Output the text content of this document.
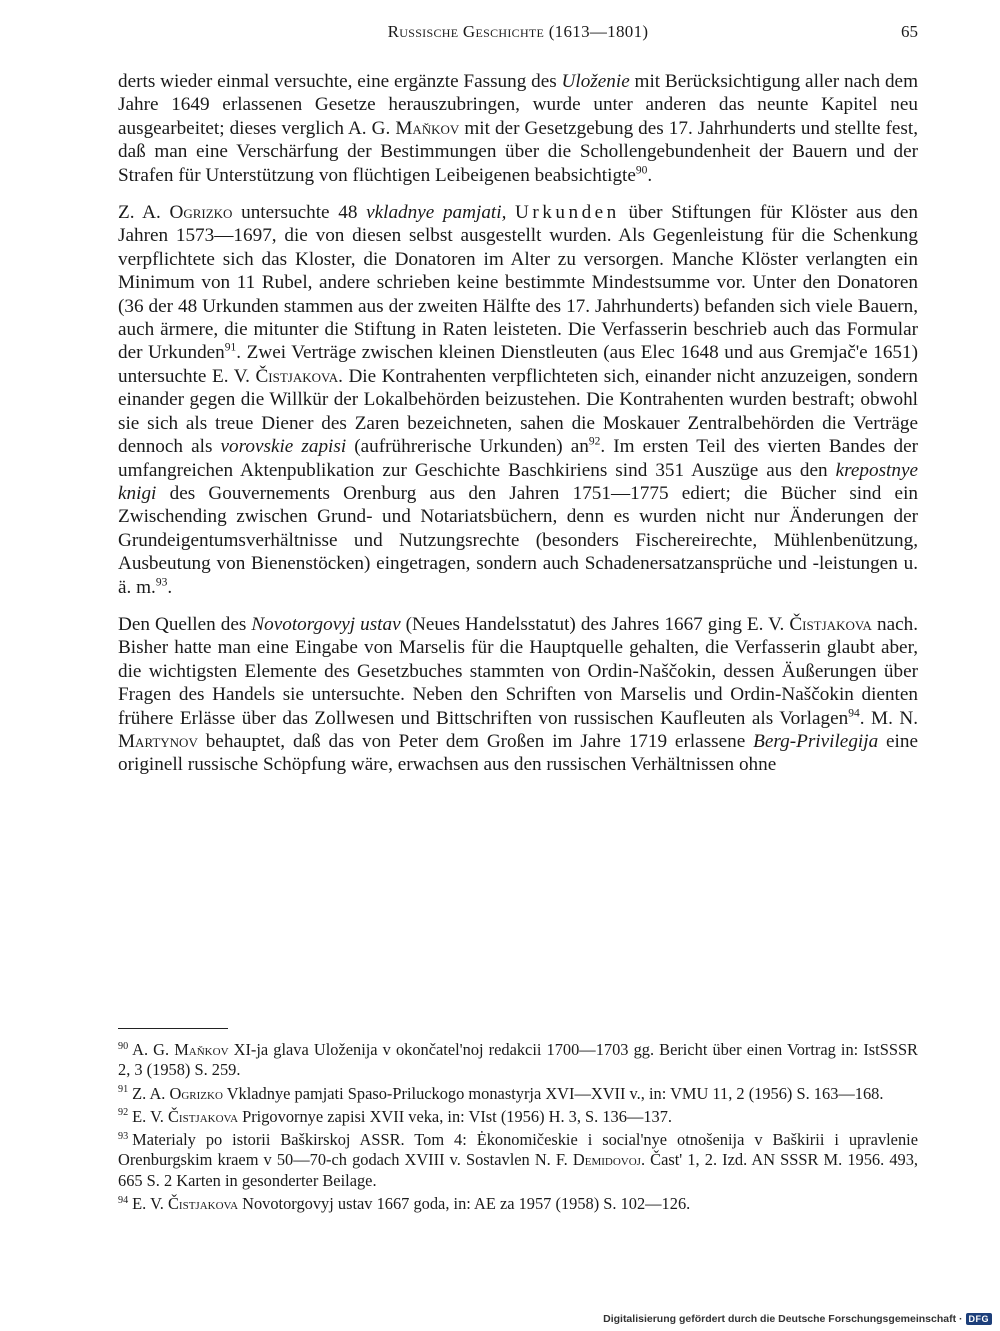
Russische Geschichte (1613—1801)	65

derts wieder einmal versuchte, eine ergänzte Fassung des Uloženie mit Berücksichtigung aller nach dem Jahre 1649 erlassenen Gesetze herauszubringen, wurde unter anderen das neunte Kapitel neu ausgearbeitet; dieses verglich A. G. Maňkov mit der Gesetzgebung des 17. Jahrhunderts und stellte fest, daß man eine Verschärfung der Bestimmungen über die Schollengebundenheit der Bauern und der Strafen für Unterstützung von flüchtigen Leibeigenen beabsichtigte$^{90}$.

Z. A. Ogrizko untersuchte 48 vkladnye pamjati, Urkunden über Stiftungen für Klöster aus den Jahren 1573—1697, die von diesen selbst ausgestellt wurden. Als Gegenleistung für die Schenkung verpflichtete sich das Kloster, die Donatoren im Alter zu versorgen. Manche Klöster verlangten ein Minimum von 11 Rubel, andere schrieben keine bestimmte Mindestsumme vor. Unter den Donatoren (36 der 48 Urkunden stammen aus der zweiten Hälfte des 17. Jahrhunderts) befanden sich viele Bauern, auch ärmere, die mitunter die Stiftung in Raten leisteten. Die Verfasserin beschrieb auch das Formular der Urkunden$^{91}$. Zwei Verträge zwischen kleinen Dienstleuten (aus Elec 1648 und aus Gremjač'e 1651) untersuchte E. V. Čistjakova. Die Kontrahenten verpflichteten sich, einander nicht anzuzeigen, sondern einander gegen die Willkür der Lokalbehörden beizustehen. Die Kontrahenten wurden bestraft; obwohl sie sich als treue Diener des Zaren bezeichneten, sahen die Moskauer Zentralbehörden die Verträge dennoch als vorovskie zapisi (aufrührerische Urkunden) $an^{92}$. Im ersten Teil des vierten Bandes der umfangreichen Aktenpublikation zur Geschichte Baschkiriens sind 351 Auszüge aus den krepostnye knigi des Gouvernements Orenburg aus den Jahren 1751—1775 ediert; die Bücher sind ein Zwischending zwischen Grund- und Notariatsbüchern, denn es wurden nicht nur Änderungen der Grundeigentumsverhältnisse und Nutzungsrechte (besonders Fischereirechte, Mühlenbenützung, Ausbeutung von Bienenstöcken) eingetragen, sondern auch Schadenersatzansprüche und -leistungen u. ä. m.$^{93}$.

Den Quellen des Novotorgovyj ustav (Neues Handelsstatut) des Jahres 1667 ging E. V. Čistjakova nach. Bisher hatte man eine Eingabe von Marselis für die Hauptquelle gehalten, die Verfasserin glaubt aber, die wichtigsten Elemente des Gesetzbuches stammten von Ordin-Naščokin, dessen Äußerungen über Fragen des Handels sie untersuchte. Neben den Schriften von Marselis und Ordin-Naščokin dienten frühere Erlässe über das Zollwesen und Bittschriften von russischen Kaufleuten als Vorlagen$^{94}$. M. N. Martynov behauptet, daß das von Peter dem Großen im Jahre 1719 erlassene Berg-Privilegija eine originell russische Schöpfung wäre, erwachsen aus den russischen Verhältnissen ohne

$^{90}$ A. G. Maňkov XI-ja glava Uloženija v okončatel'noj redakcii 1700—1703 gg. Bericht über einen Vortrag in: IstSSSR 2, 3 (1958) S. 259.
$^{91}$ Z. A. Ogrizko Vkladnye pamjati Spaso-Priluckogo monastyrja XVI—XVII v., in: VMU 11, 2 (1956) S. 163—168.
$^{92}$ E. V. Čistjakova Prigovornye zapisi XVII veka, in: VIst (1956) H. 3, S. 136—137.
$^{93}$ Materialy po istorii Baškirskoj ASSR. Tom 4: Ėkonomičeskie i social'nye otnošenija v Baškirii i upravlenie Orenburgskim kraem v 50—70-ch godach XVIII v. Sostavlen N. F. Demidovoj. Čast' 1, 2. Izd. AN SSSR M. 1956. 493, 665 S. 2 Karten in gesonderter Beilage.
$^{94}$ E. V. Čistjakova Novotorgovyj ustav 1667 goda, in: AE za 1957 (1958) S. 102—126.
Digitalisierung gefördert durch die Deutsche Forschungsgemeinschaft · DFG
